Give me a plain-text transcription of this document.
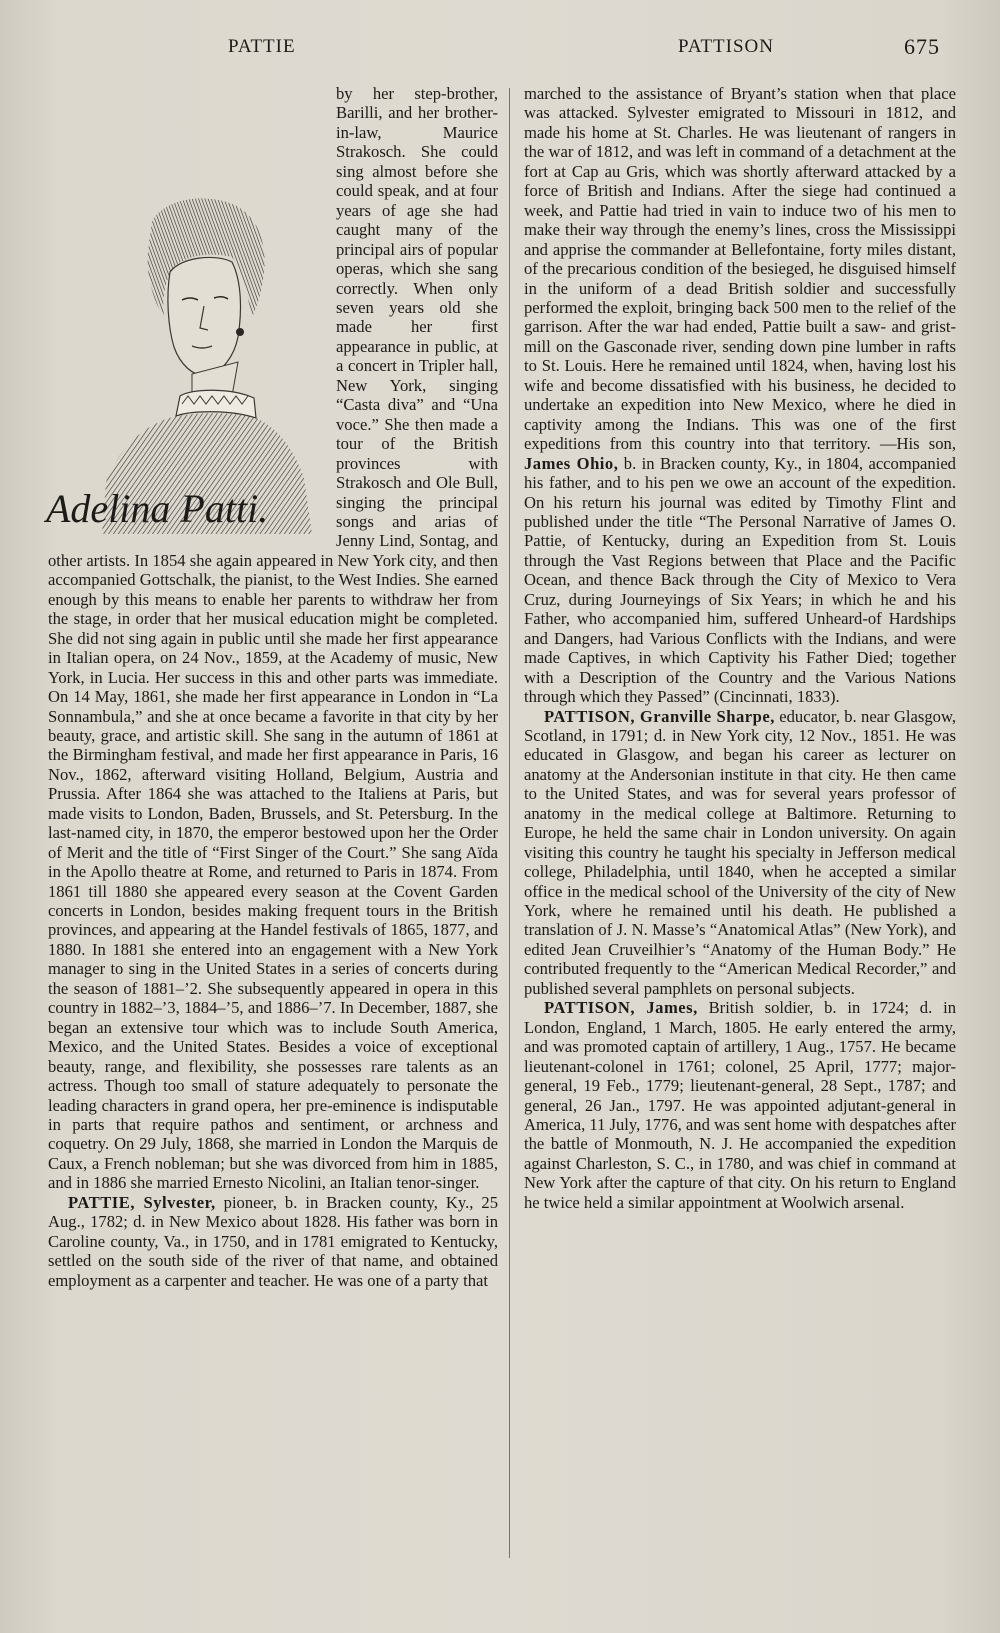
PATTIE	PATTISON	675
Adelina Patti.

by her step-brother, Barilli, and her brother-in-law, Maurice Strakosch. She could sing almost before she could speak, and at four years of age she had caught many of the principal airs of popular operas, which she sang correctly. When only seven years old she made her first appearance in public, at a concert in Tripler hall, New York, singing “Casta diva” and “Una voce.” She then made a tour of the British provinces with Strakosch and Ole Bull, singing the principal songs and arias of Jenny Lind, Sontag, and other artists. In 1854 she again appeared in New York city, and then accompanied Gottschalk, the pianist, to the West Indies. She earned enough by this means to enable her parents to withdraw her from the stage, in order that her musical education might be completed. She did not sing again in public until she made her first appearance in Italian opera, on 24 Nov., 1859, at the Academy of music, New York, in Lucia. Her success in this and other parts was immediate. On 14 May, 1861, she made her first appearance in London in “La Sonnambula,” and she at once became a favorite in that city by her beauty, grace, and artistic skill. She sang in the autumn of 1861 at the Birmingham festival, and made her first appearance in Paris, 16 Nov., 1862, afterward visiting Holland, Belgium, Austria and Prussia. After 1864 she was attached to the Italiens at Paris, but made visits to London, Baden, Brussels, and St. Petersburg. In the last-named city, in 1870, the emperor bestowed upon her the Order of Merit and the title of “First Singer of the Court.” She sang Aïda in the Apollo theatre at Rome, and returned to Paris in 1874. From 1861 till 1880 she appeared every season at the Covent Garden concerts in London, besides making frequent tours in the British provinces, and appearing at the Handel festivals of 1865, 1877, and 1880. In 1881 she entered into an engagement with a New York manager to sing in the United States in a series of concerts during the season of 1881–’2. She subsequently appeared in opera in this country in 1882–’3, 1884–’5, and 1886–’7. In December, 1887, she began an extensive tour which was to include South America, Mexico, and the United States. Besides a voice of exceptional beauty, range, and flexibility, she possesses rare talents as an actress. Though too small of stature adequately to personate the leading characters in grand opera, her pre-eminence is indisputable in parts that require pathos and sentiment, or archness and coquetry. On 29 July, 1868, she married in London the Marquis de Caux, a French nobleman; but she was divorced from him in 1885, and in 1886 she married Ernesto Nicolini, an Italian tenor-singer.

PATTIE, Sylvester, pioneer, b. in Bracken county, Ky., 25 Aug., 1782; d. in New Mexico about 1828. His father was born in Caroline county, Va., in 1750, and in 1781 emigrated to Kentucky, settled on the south side of the river of that name, and obtained employment as a carpenter and teacher. He was one of a party that

marched to the assistance of Bryant’s station when that place was attacked. Sylvester emigrated to Missouri in 1812, and made his home at St. Charles. He was lieutenant of rangers in the war of 1812, and was left in command of a detachment at the fort at Cap au Gris, which was shortly afterward attacked by a force of British and Indians. After the siege had continued a week, and Pattie had tried in vain to induce two of his men to make their way through the enemy’s lines, cross the Mississippi and apprise the commander at Bellefontaine, forty miles distant, of the precarious condition of the besieged, he disguised himself in the uniform of a dead British soldier and successfully performed the exploit, bringing back 500 men to the relief of the garrison. After the war had ended, Pattie built a saw- and grist-mill on the Gasconade river, sending down pine lumber in rafts to St. Louis. Here he remained until 1824, when, having lost his wife and become dissatisfied with his business, he decided to undertake an expedition into New Mexico, where he died in captivity among the Indians. This was one of the first expeditions from this country into that territory. —His son, James Ohio, b. in Bracken county, Ky., in 1804, accompanied his father, and to his pen we owe an account of the expedition. On his return his journal was edited by Timothy Flint and published under the title “The Personal Narrative of James O. Pattie, of Kentucky, during an Expedition from St. Louis through the Vast Regions between that Place and the Pacific Ocean, and thence Back through the City of Mexico to Vera Cruz, during Journeyings of Six Years; in which he and his Father, who accompanied him, suffered Unheard-of Hardships and Dangers, had Various Conflicts with the Indians, and were made Captives, in which Captivity his Father Died; together with a Description of the Country and the Various Nations through which they Passed” (Cincinnati, 1833).

PATTISON, Granville Sharpe, educator, b. near Glasgow, Scotland, in 1791; d. in New York city, 12 Nov., 1851. He was educated in Glasgow, and began his career as lecturer on anatomy at the Andersonian institute in that city. He then came to the United States, and was for several years professor of anatomy in the medical college at Baltimore. Returning to Europe, he held the same chair in London university. On again visiting this country he taught his specialty in Jefferson medical college, Philadelphia, until 1840, when he accepted a similar office in the medical school of the University of the city of New York, where he remained until his death. He published a translation of J. N. Masse’s “Anatomical Atlas” (New York), and edited Jean Cruveilhier’s “Anatomy of the Human Body.” He contributed frequently to the “American Medical Recorder,” and published several pamphlets on personal subjects.

PATTISON, James, British soldier, b. in 1724; d. in London, England, 1 March, 1805. He early entered the army, and was promoted captain of artillery, 1 Aug., 1757. He became lieutenant-colonel in 1761; colonel, 25 April, 1777; major-general, 19 Feb., 1779; lieutenant-general, 28 Sept., 1787; and general, 26 Jan., 1797. He was appointed adjutant-general in America, 11 July, 1776, and was sent home with despatches after the battle of Monmouth, N. J. He accompanied the expedition against Charleston, S. C., in 1780, and was chief in command at New York after the capture of that city. On his return to England he twice held a similar appointment at Woolwich arsenal.
